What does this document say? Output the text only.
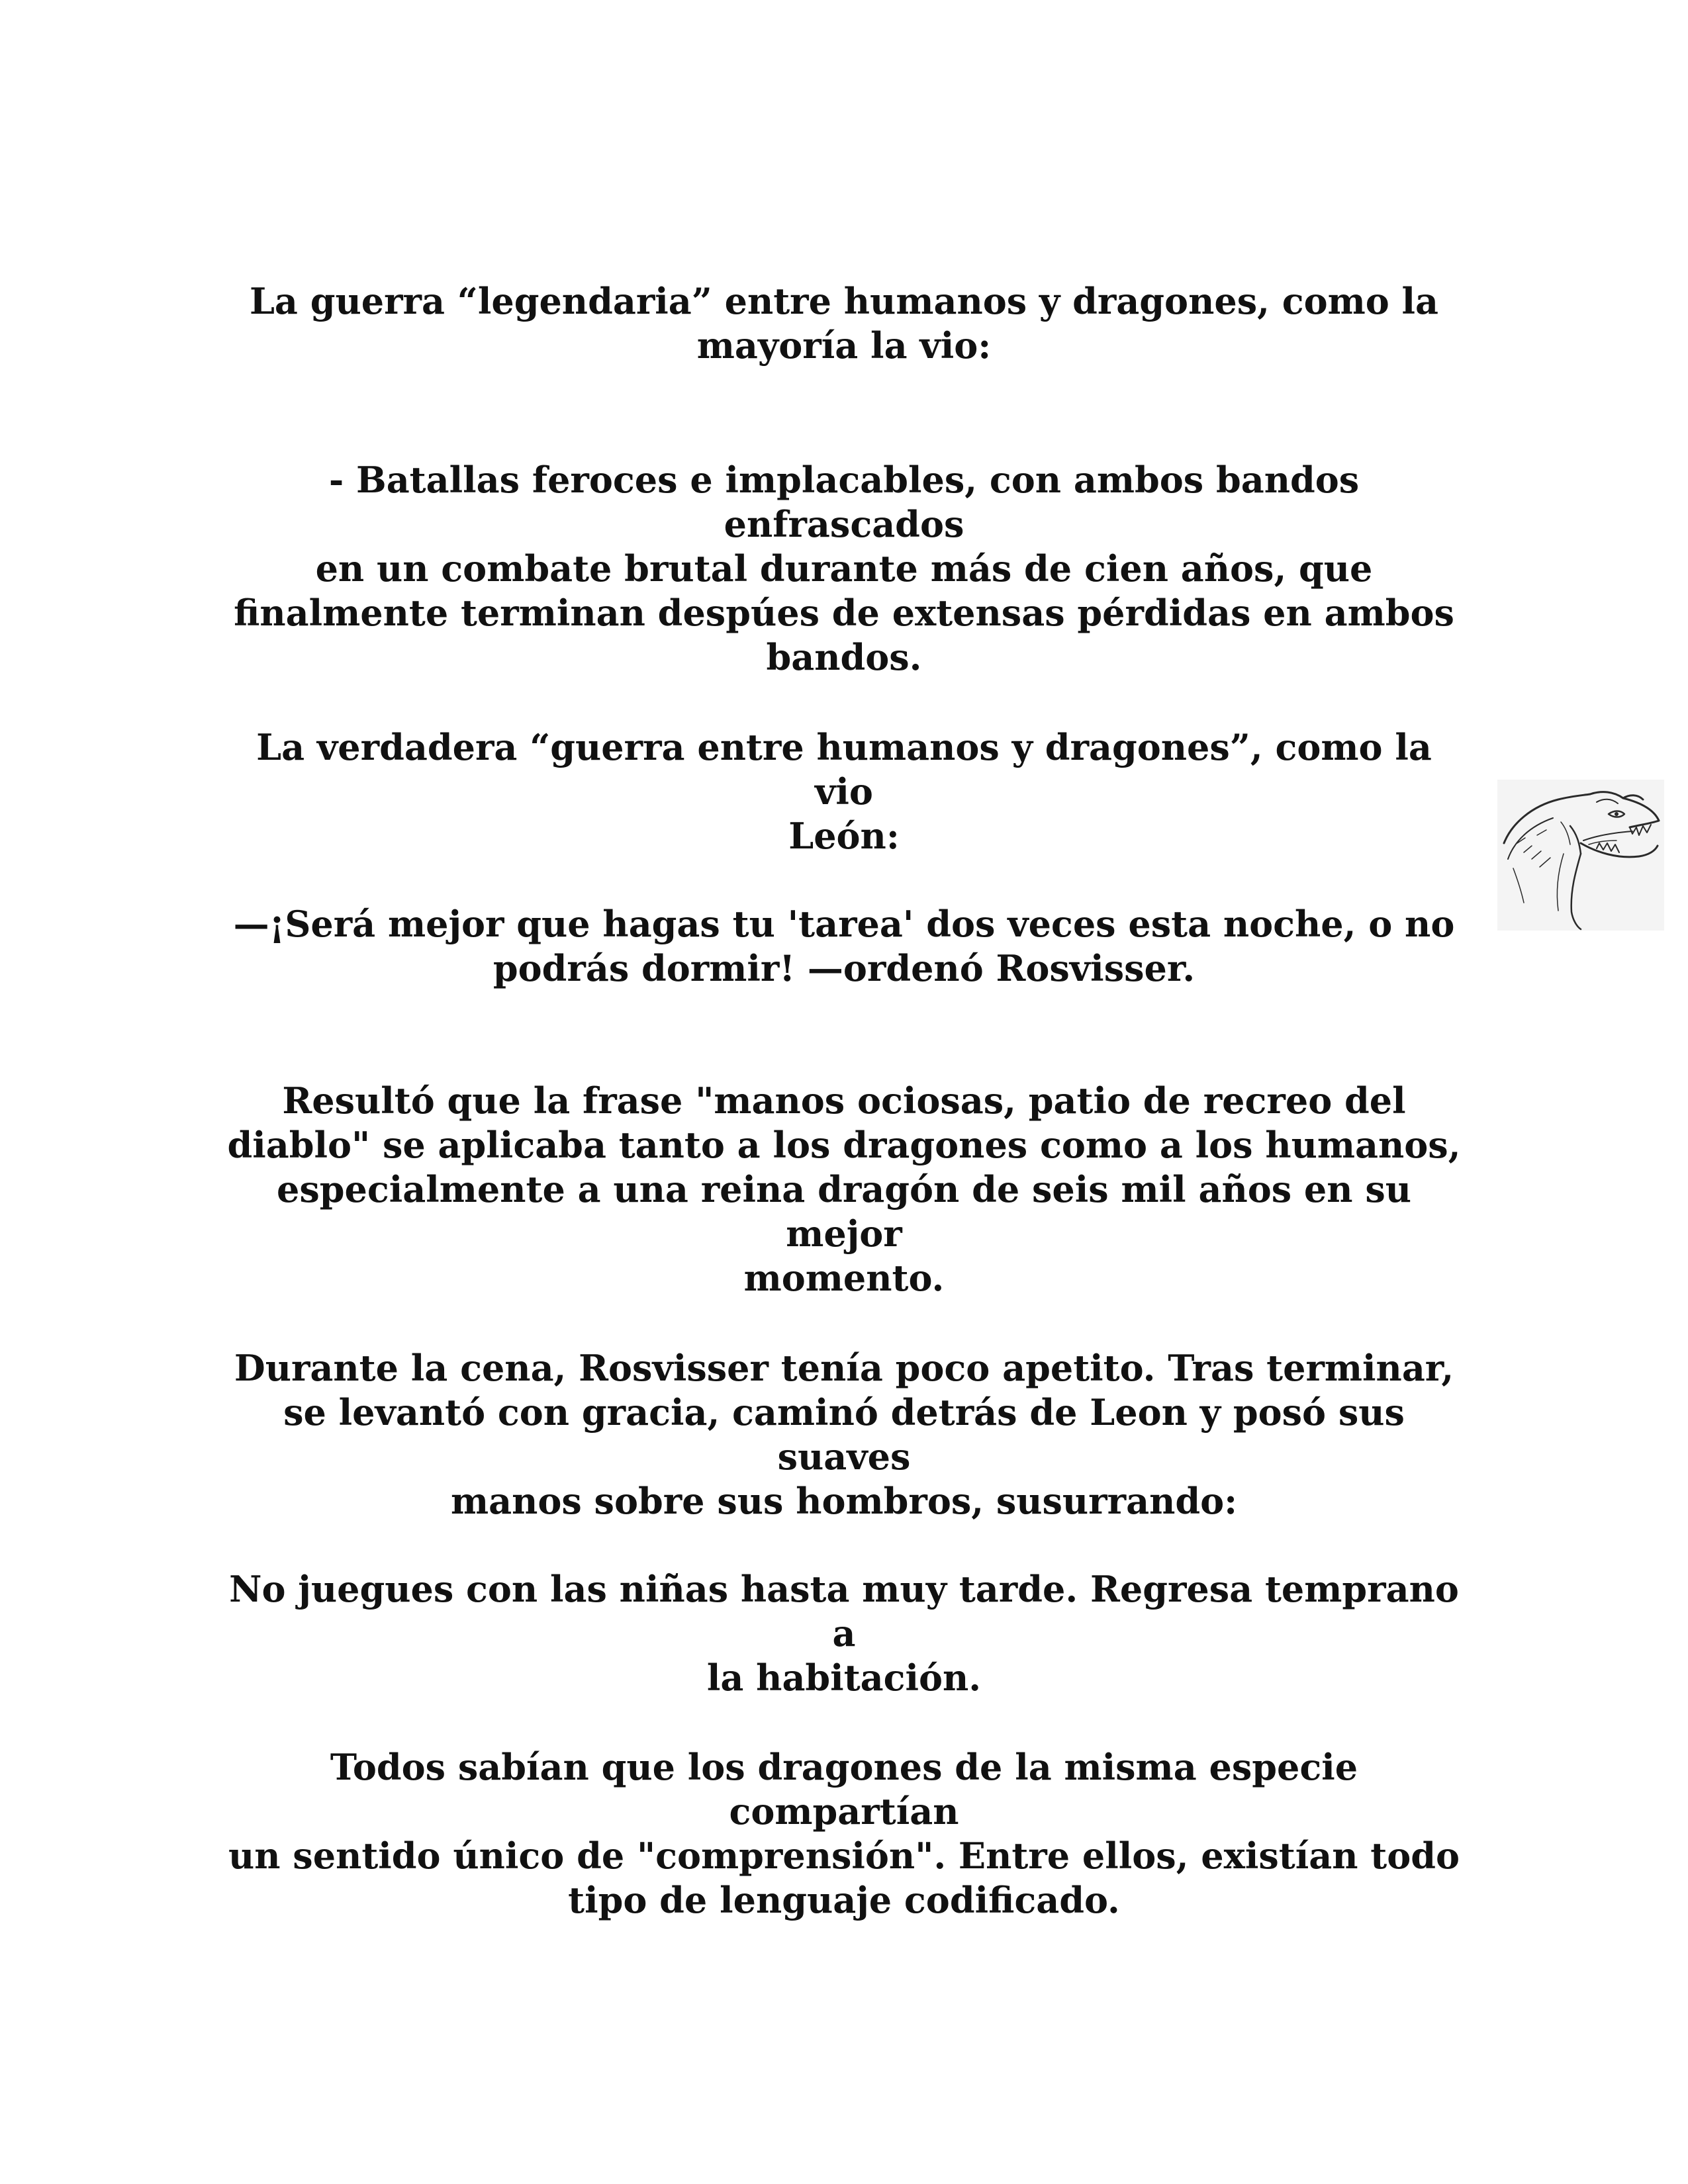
La guerra “legendaria” entre humanos y dragones, como la
mayoría la vio:

- Batallas feroces e implacables, con ambos bandos enfrascados
en un combate brutal durante más de cien años, que
finalmente terminan despúes de extensas pérdidas en ambos
bandos.

La verdadera “guerra entre humanos y dragones”, como la vio
León:

—¡Será mejor que hagas tu 'tarea' dos veces esta noche, o no
podrás dormir! —ordenó Rosvisser.

Resultó que la frase "manos ociosas, patio de recreo del
diablo" se aplicaba tanto a los dragones como a los humanos,
especialmente a una reina dragón de seis mil años en su mejor
momento.

Durante la cena, Rosvisser tenía poco apetito. Tras terminar,
se levantó con gracia, caminó detrás de Leon y posó sus suaves
manos sobre sus hombros, susurrando:

No juegues con las niñas hasta muy tarde. Regresa temprano a
la habitación.

Todos sabían que los dragones de la misma especie compartían
un sentido único de "comprensión". Entre ellos, existían todo
tipo de lenguaje codificado.
